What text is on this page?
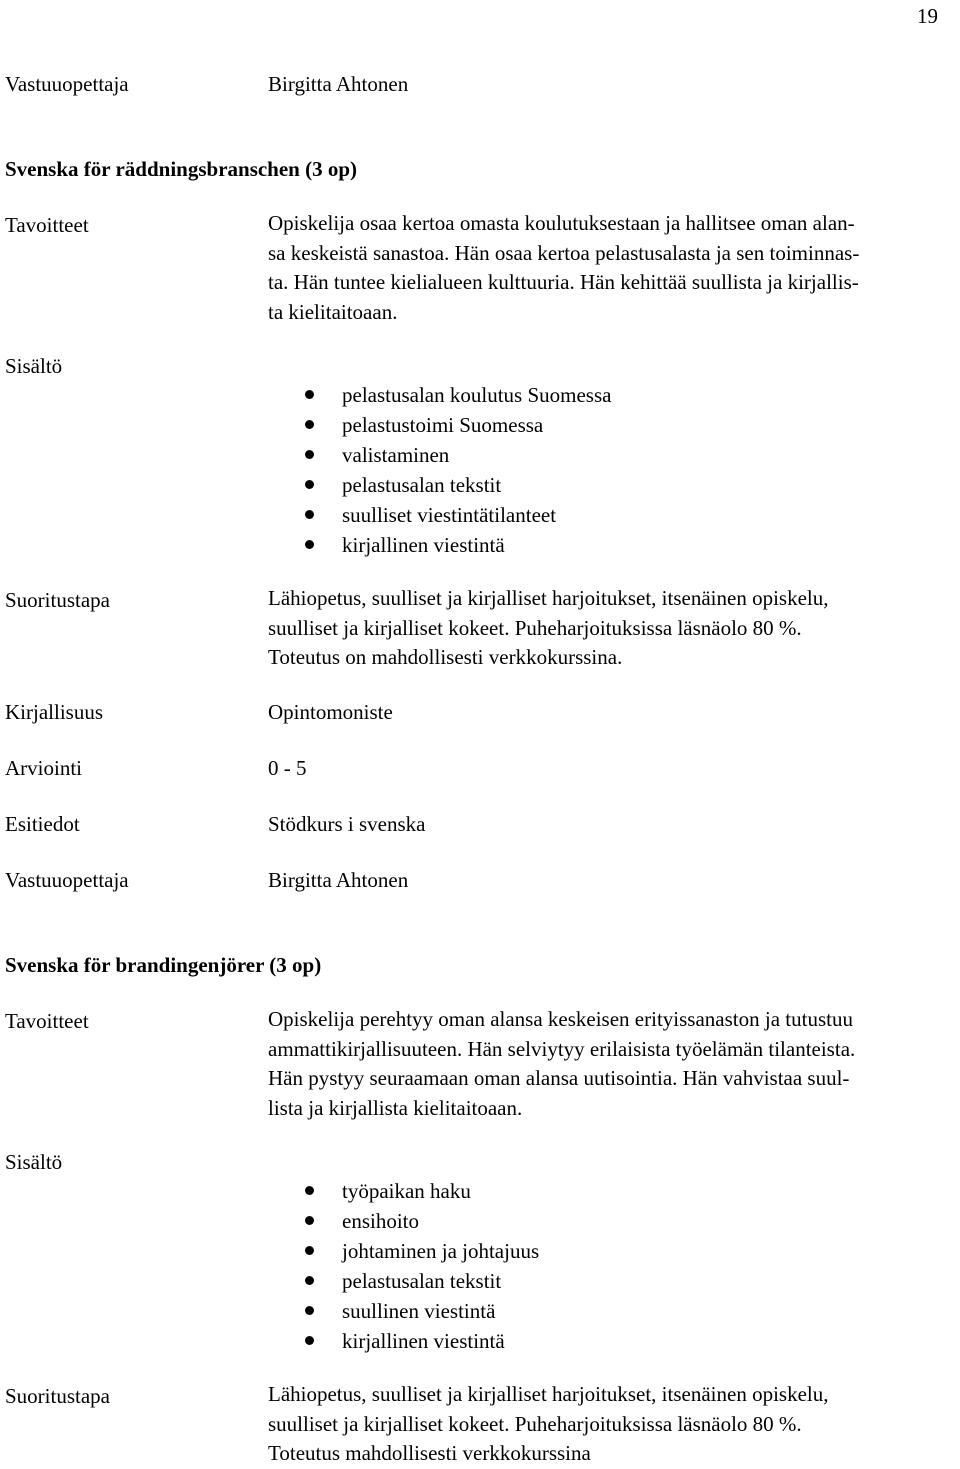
19
Vastuuopettaja	Birgitta Ahtonen
Svenska för räddningsbranschen (3 op)
Tavoitteet	Opiskelija osaa kertoa omasta koulutuksestaan ja hallitsee oman alan-
sa keskeistä sanastoa. Hän osaa kertoa pelastusalasta ja sen toiminnas-
ta. Hän tuntee kielialueen kulttuuria. Hän kehittää suullista ja kirjallis-
ta kielitaitoaan.
Sisältö
pelastusalan koulutus Suomessa
pelastustoimi Suomessa
valistaminen
pelastusalan tekstit
suulliset viestintätilanteet
kirjallinen viestintä
Suoritustapa	Lähiopetus, suulliset ja kirjalliset harjoitukset, itsenäinen opiskelu,
suulliset ja kirjalliset kokeet. Puheharjoituksissa läsnäolo 80 %.
Toteutus on mahdollisesti verkkokurssina.
Kirjallisuus	Opintomoniste
Arviointi	0 - 5
Esitiedot	Stödkurs i svenska
Vastuuopettaja	Birgitta Ahtonen
Svenska för brandingenjörer (3 op)
Tavoitteet	Opiskelija perehtyy oman alansa keskeisen erityissanaston ja tutustuu
ammattikirjallisuuteen. Hän selviytyy erilaisista työelämän tilanteista.
Hän pystyy seuraamaan oman alansa uutisointia. Hän vahvistaa suul-
lista ja kirjallista kielitaitoaan.
Sisältö
työpaikan haku
ensihoito
johtaminen ja johtajuus
pelastusalan tekstit
suullinen viestintä
kirjallinen viestintä
Suoritustapa	Lähiopetus, suulliset ja kirjalliset harjoitukset, itsenäinen opiskelu,
suulliset ja kirjalliset kokeet. Puheharjoituksissa läsnäolo 80 %.
Toteutus mahdollisesti verkkokurssina
